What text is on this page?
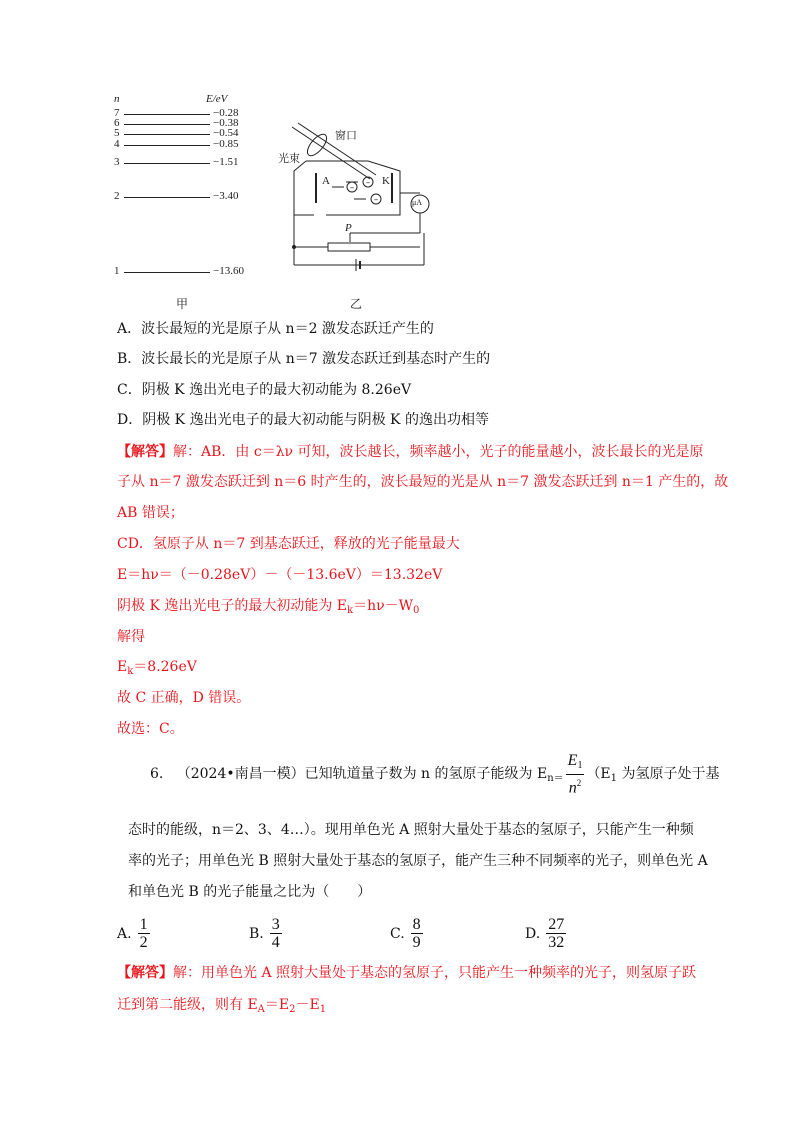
n	E/eV
7	−0.28
6	−0.38
5	−0.54
4	−0.85
3	−1.51
2	−3.40
1	−13.60
甲
−
−
−
窗口
光束
A	K
μA
P
乙
A．波长最短的光是原子从 n＝2 激发态跃迁产生的
B．波长最长的光是原子从 n＝7 激发态跃迁到基态时产生的
C．阴极 K 逸出光电子的最大初动能为 8.26eV
D．阴极 K 逸出光电子的最大初动能与阴极 K 的逸出功相等
【解答】解：AB．由 c＝λν 可知，波长越长，频率越小，光子的能量越小，波长最长的光是原
子从 n＝7 激发态跃迁到 n＝6 时产生的，波长最短的光是从 n＝7 激发态跃迁到 n＝1 产生的，故
AB 错误；
CD．氢原子从 n＝7 到基态跃迁，释放的光子能量最大
E＝hν＝（－0.28eV）－（－13.6eV）＝13.32eV
阴极 K 逸出光电子的最大初动能为 $E_k=h\nu-W_0$
解得
$E_k=8.26eV$
故 C 正确，D 错误。
故选：C。
6. （2024•南昌一模）已知轨道量子数为 n 的氢原子能级为 $E_{n=} \frac{E_1}{n^2} (E_1$ 为氢原子处于基
态时的能级，n＝2、3、4…）。现用单色光 A 照射大量处于基态的氢原子，只能产生一种频
率的光子；用单色光 B 照射大量处于基态的氢原子，能产生三种不同频率的光子，则单色光 A
和单色光 B 的光子能量之比为（　　）
A. $\frac{1}{2}$	B. $\frac{3}{4}$	C. $\frac{8}{9}$	D. $\frac{27}{32}$
【解答】解：用单色光 A 照射大量处于基态的氢原子，只能产生一种频率的光子，则氢原子跃
迁到第二能级，则有 $E_A=E_2-E_1$
